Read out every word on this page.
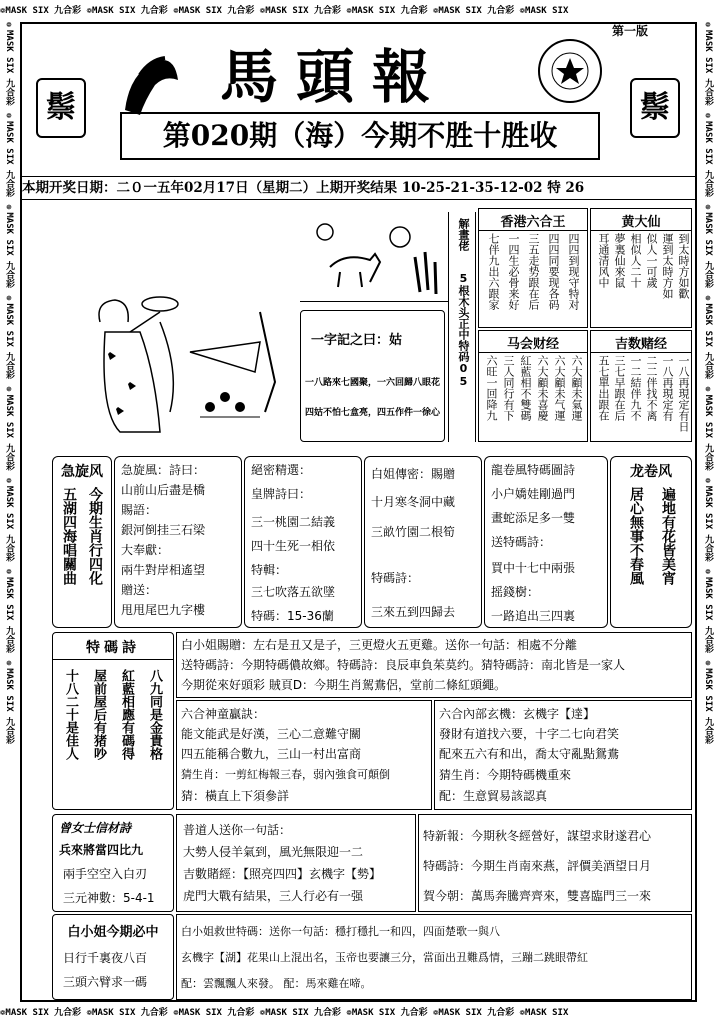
❁MASK SIX 九合彩 ❁MASK SIX 九合彩 ❁MASK SIX 九合彩 ❁MASK SIX 九合彩 ❁MASK SIX 九合彩 ❁MASK SIX 九合彩 ❁MASK SIX
❁MASK SIX 九合彩 ❁MASK SIX 九合彩 ❁MASK SIX 九合彩 ❁MASK SIX 九合彩 ❁MASK SIX 九合彩 ❁MASK SIX 九合彩 ❁MASK SIX
❁MASK SIX 九合彩 ❁MASK SIX 九合彩 ❁MASK SIX 九合彩 ❁MASK SIX 九合彩 ❁MASK SIX 九合彩 ❁MASK SIX 九合彩 ❁MASK SIX 九合彩 ❁MASK SIX 九合彩	❁MASK SIX 九合彩 ❁MASK SIX 九合彩 ❁MASK SIX 九合彩 ❁MASK SIX 九合彩 ❁MASK SIX 九合彩 ❁MASK SIX 九合彩 ❁MASK SIX 九合彩 ❁MASK SIX 九合彩
第一版
馬頭報
鬃	鬃
第020期（海）今期不胜十胜收
本期开奖日期：二０一五年02月17日（星期二）上期开奖结果 10-25-21-35-12-02 特 26
解畫佬
5根木头正中特码05
一字記之曰：姑
一八路來七國聚，一六回歸八眼花
四姑不怕七盒亮，四五作件一徐心
香港六合王
七伴九出六跟家 一四生必骨来好 三五走势跟在后 四四同要现各码 四四到现守特对
黄大仙
耳通清风中 夢裏仙來鼠 相似人二十 似人一可歲 運到太時方如 到太時方如歡
马会财经
六旺一回降九 三人同行有下 紅藍相不雙碼 六大顧未喜慶 六大顧未气運 六大顧未氣運
吉数赌经
五七單出跟在 三七早跟在后 一二結伴九不 二二伴找不离 一八再現定有 一八再現定有日
急旋风
五湖四海唱關曲 今期生肖行四化
急旋風：詩曰：
山前山后盡是橋
賜語：
銀河倒挂三石梁
大奉獻：
兩牛對岸相遙望
贈送：
甩甩尾巴九字樓
絕密精選：
皇牌詩曰：
三一桃園二結義
四十生死一相依
特輯：
三七吹落五欲墜
特碼：15-36蘭
白姐傳密：賜贈
十月寒冬洞中藏
三畝竹園二根筍
特碼詩：
三來五到四歸去
龍卷風特碼圖詩
小户嬌娃剛過門
畫蛇添足多一雙
送特碼詩：
買中十七中兩張
摇錢樹：
一路追出三四裏
龙卷风
居心無事不春風	遍地有花皆美宵
特碼詩
十八二十是佳人 屋前屋后有猪吵 紅藍相應有碼得 八九同是金貴格
白小姐賜贈：左右是丑又是子，三更燈火五更雞。送你一句話：相處不分離
送特碼詩：今期特碼儂故鄉。特碼詩：良辰車負茱莫约。猜特碼詩：南北皆是一家人
今期從來好頭彩 賊頁D：今期生肖駕鴦侶，堂前二條紅頭繩。
六合神童贏訣：
能文能武是好漢，三心二意難守關
四五能稱合數九，三山一村出富商
猜生肖：一剪紅梅報三春，弱內強食可顛倒
猜：橫直上下須參詳
六合內部玄機：玄機字【達】
發財有道找六要，十字二七向君笑
配來五六有和出，喬太守亂點鴛鴦
猜生肖：今期特碼機重來
配：生意貿易該認真
曾女士信材詩
兵來將當四比九
兩手空空入白刃
三元神數：5-4-1
普道人送你一句話：
大勢人侵羊氣到，風光無限迎一二
吉數賭經：【照亮四四】玄機字【勢】
虎門大戰有結果，三人行必有一强
特新報：今期秋冬經營好，謀望求財遂君心
特碼詩：今期生肖南來燕，評價美酒望日月
賀今朝：萬馬奔騰齊齊來，雙喜臨門三一來
白小姐今期必中
日行千裏夜八百
三頭六臂求一碼
白小姐救世特碼：送你一句話：穩打穩扎一和四，四面楚歌一與八
玄機字【湖】花果山上混出名，玉帝也要讓三分，當面出丑難爲情，三蹦二跳眼帶紅
配：雲飄飄人來發。 配：馬來雞在啼。
